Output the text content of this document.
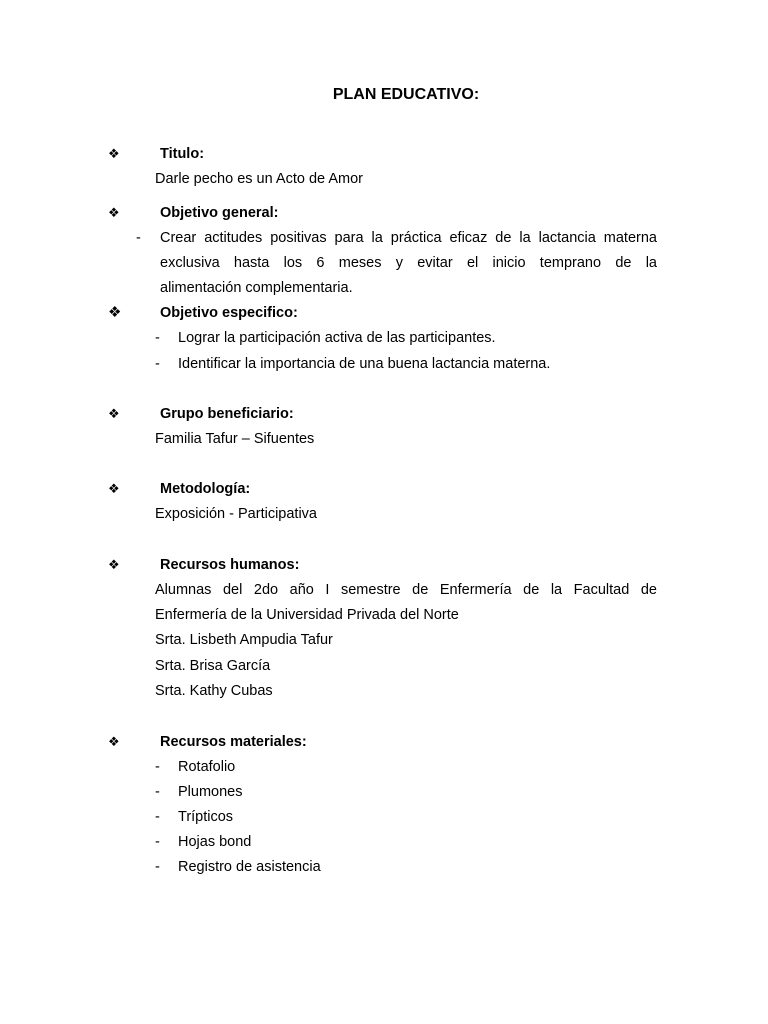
PLAN EDUCATIVO:
❖	Titulo:
Darle pecho es un Acto de Amor
❖	Objetivo general:
-	Crear actitudes positivas para la práctica eficaz de la lactancia materna
exclusiva hasta los 6 meses y evitar el inicio temprano de la
alimentación complementaria.
❖	Objetivo especifico:
-	Lograr la participación activa de las participantes.
-	Identificar la importancia de una buena lactancia materna.
❖	Grupo beneficiario:
Familia Tafur – Sifuentes
❖	Metodología:
Exposición - Participativa
❖	Recursos humanos:
Alumnas del 2do año I semestre de Enfermería de la Facultad de
Enfermería de la Universidad Privada del Norte
Srta. Lisbeth Ampudia Tafur
Srta. Brisa García
Srta. Kathy Cubas
❖	Recursos materiales:
-	Rotafolio
-	Plumones
-	Trípticos
-	Hojas bond
-	Registro de asistencia
